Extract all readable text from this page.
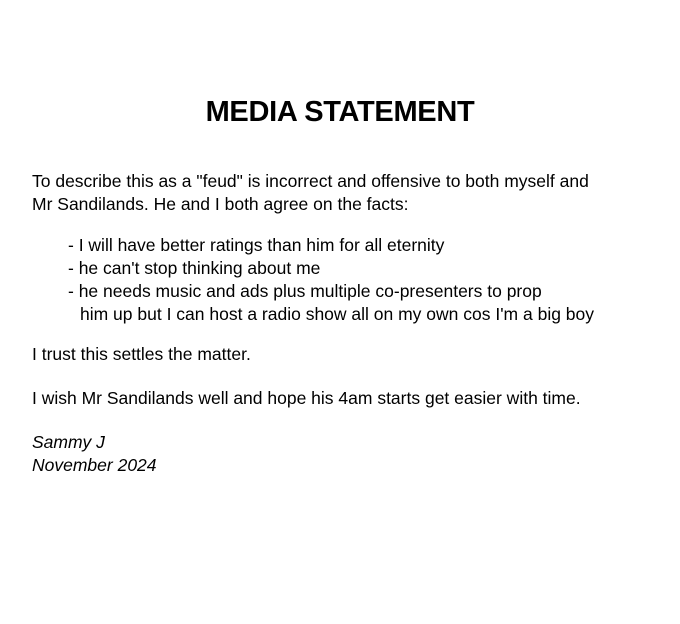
MEDIA STATEMENT
To describe this as a "feud" is incorrect and offensive to both myself and
Mr Sandilands. He and I both agree on the facts:
- I will have better ratings than him for all eternity
- he can't stop thinking about me
- he needs music and ads plus multiple co-presenters to prop
him up but I can host a radio show all on my own cos I'm a big boy
I trust this settles the matter.
I wish Mr Sandilands well and hope his 4am starts get easier with time.
Sammy J
November 2024
